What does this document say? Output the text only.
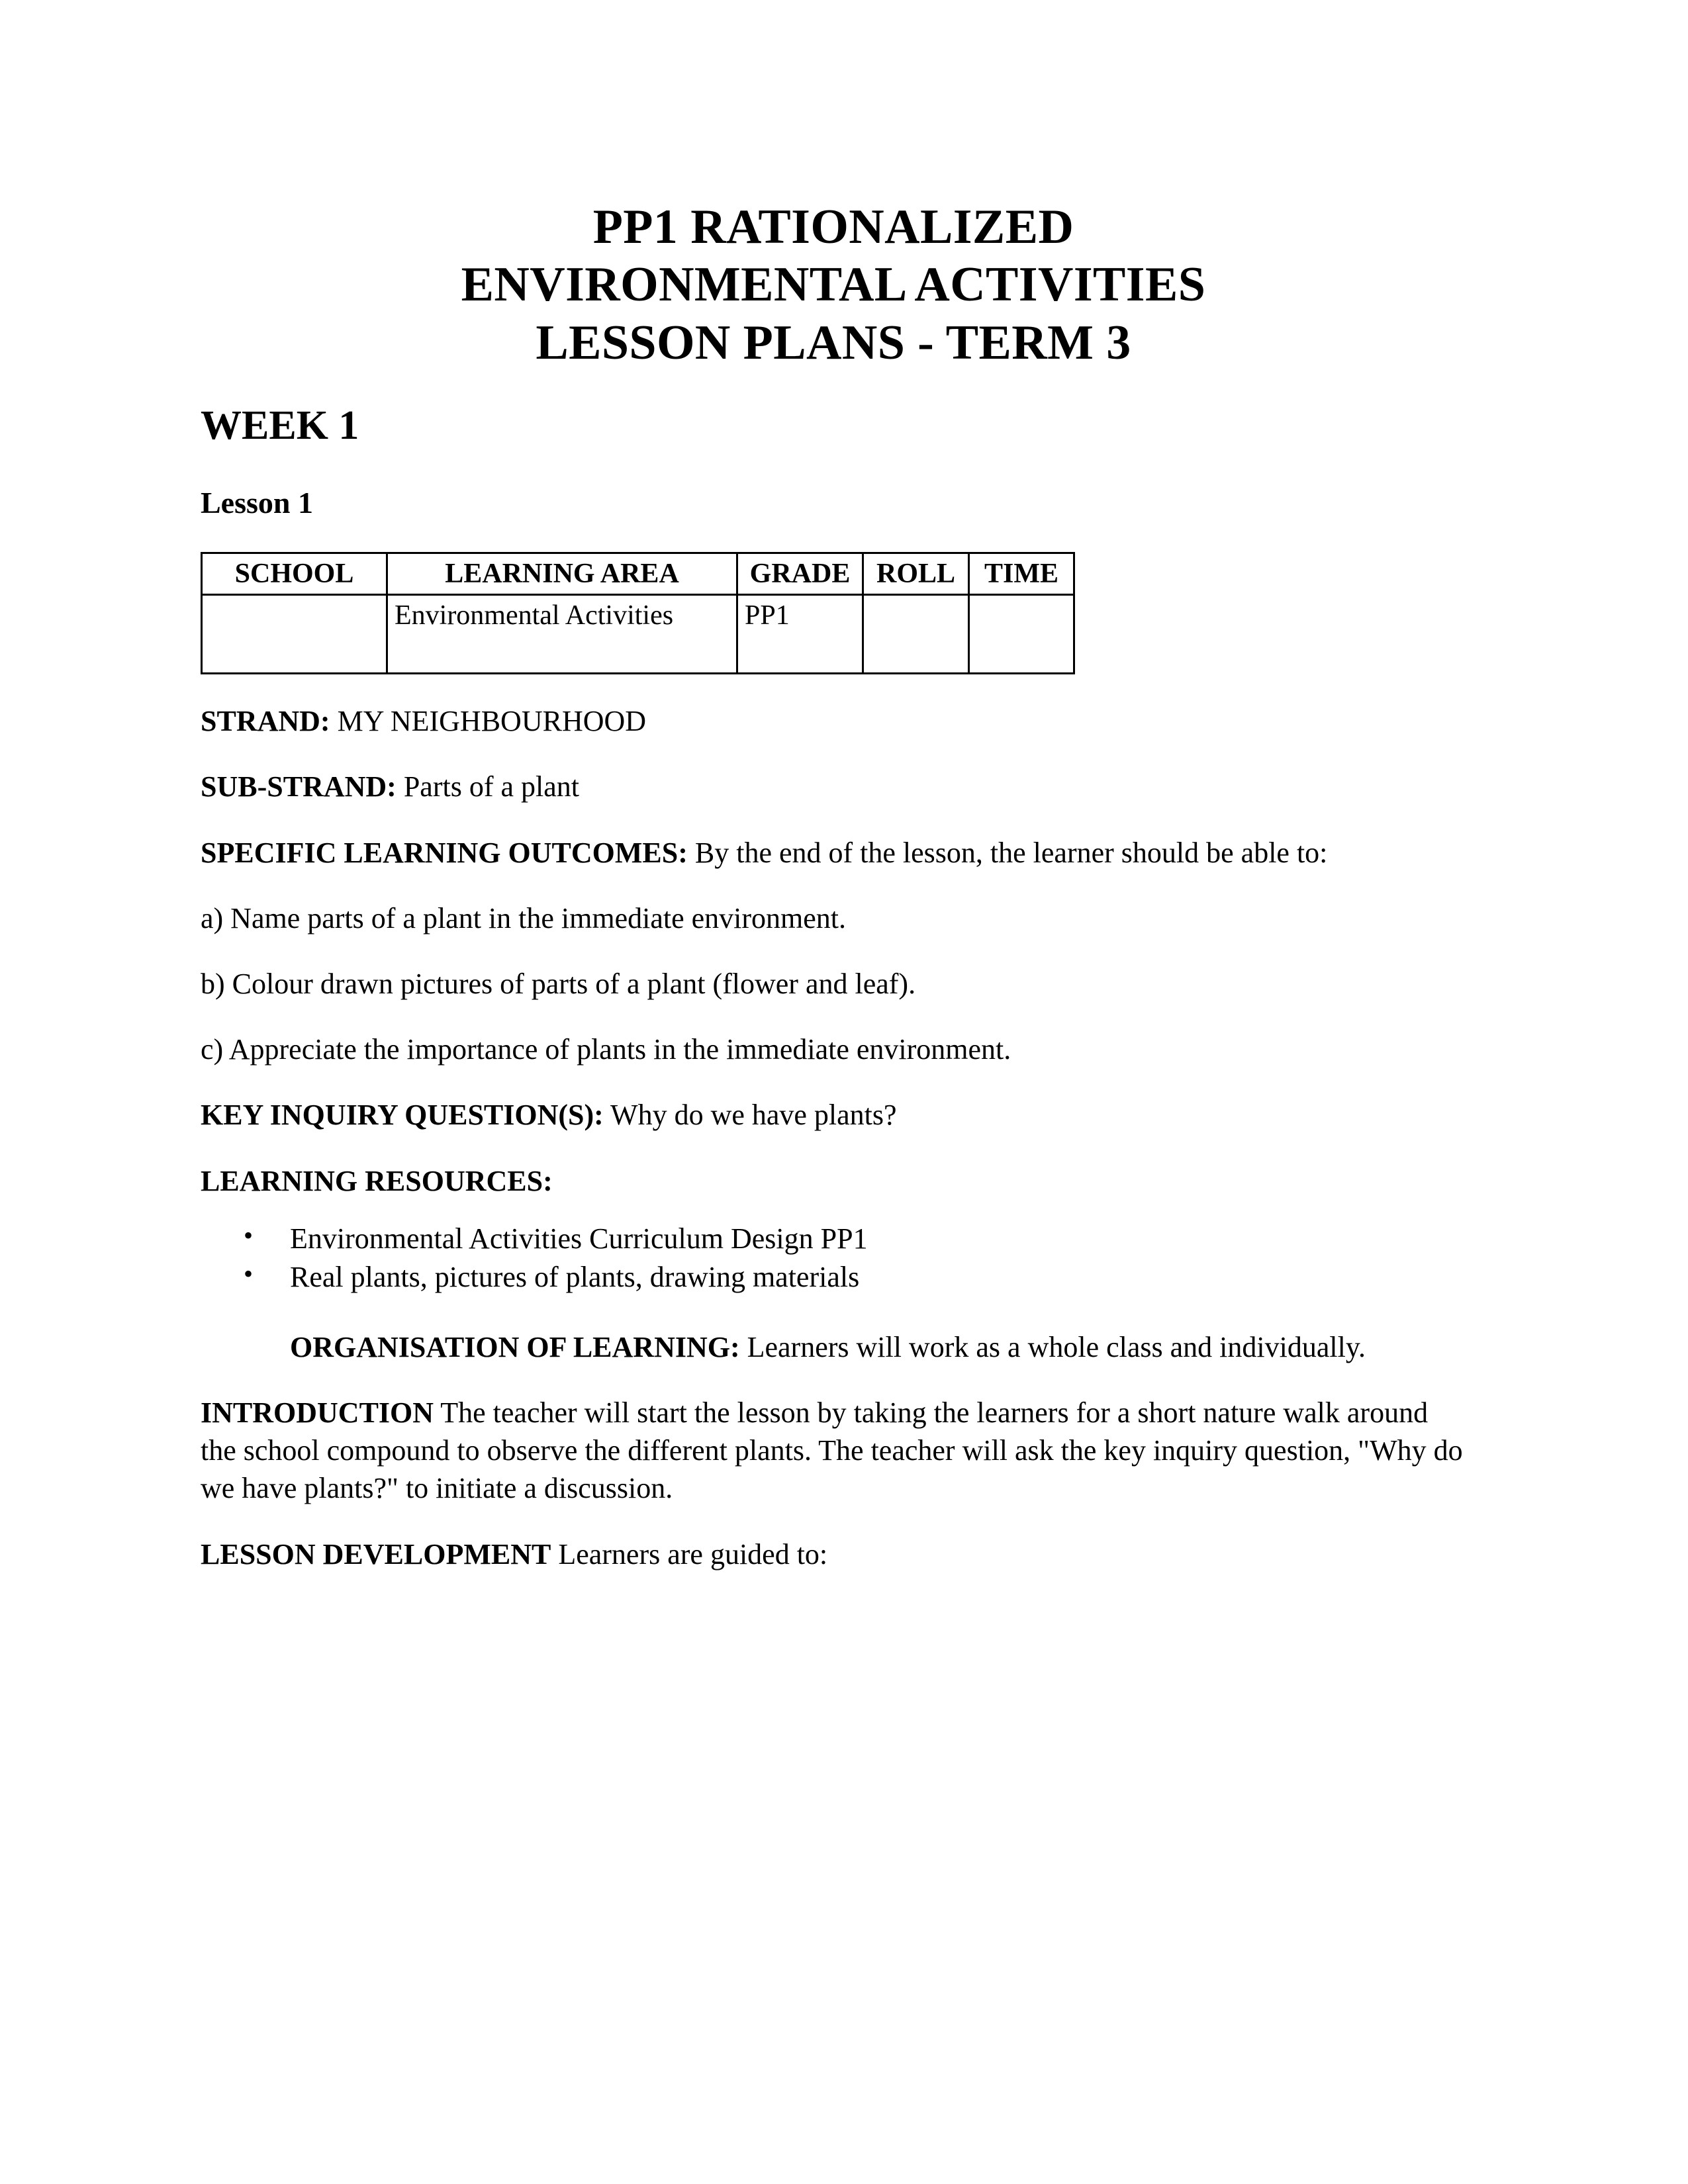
PP1 RATIONALIZED
ENVIRONMENTAL ACTIVITIES
LESSON PLANS - TERM 3
WEEK 1
Lesson 1
SCHOOL	LEARNING AREA	GRADE	ROLL	TIME
	Environmental Activities	PP1		

STRAND: MY NEIGHBOURHOOD

SUB-STRAND: Parts of a plant

SPECIFIC LEARNING OUTCOMES: By the end of the lesson, the learner should be able to:

a) Name parts of a plant in the immediate environment.

b) Colour drawn pictures of parts of a plant (flower and leaf).

c) Appreciate the importance of plants in the immediate environment.

KEY INQUIRY QUESTION(S): Why do we have plants?

LEARNING RESOURCES:

• Environmental Activities Curriculum Design PP1
• Real plants, pictures of plants, drawing materials

ORGANISATION OF LEARNING: Learners will work as a whole class and individually.

INTRODUCTION The teacher will start the lesson by taking the learners for a short nature walk around the school compound to observe the different plants. The teacher will ask the key inquiry question, "Why do we have plants?" to initiate a discussion.

LESSON DEVELOPMENT Learners are guided to:
